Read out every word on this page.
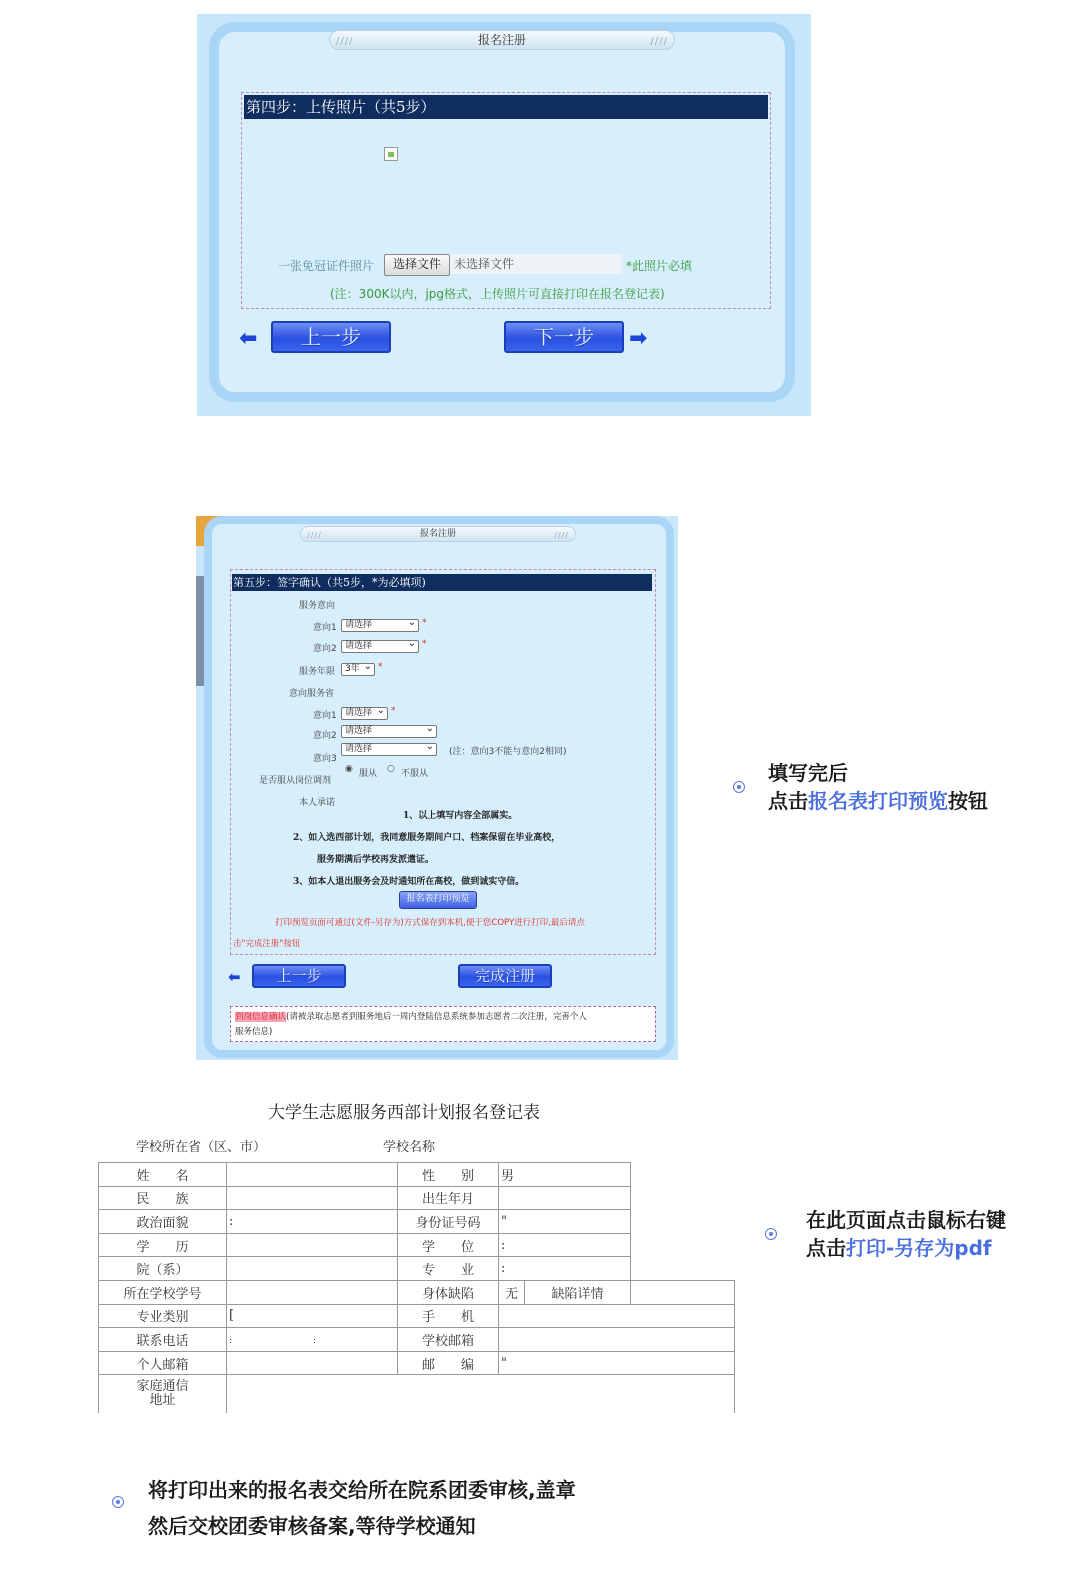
////	报名注册	////
第四步：上传照片（共5步）
一张免冠证件照片	选择文件	未选择文件	*此照片必填
(注：300K以内，jpg格式，上传照片可直接打印在报名登记表)
⬅	上一步	下一步	➡
////	报名注册	////
第五步：签字确认（共5步，*为必填项)
服务意向
意向1 请选择 ⌄	*
意向2 请选择 ⌄	*
服务年限	3年 ⌄	*
意向服务省
意向1 请选择 ⌄	*
意向2 请选择 ⌄
请选择 ⌄
意向3
(注：意向3不能与意向2相同)
是否服从岗位调剂
◉ 服从 ○ 不服从
本人承诺
1、以上填写内容全部属实。
2、如入选西部计划，我同意服务期间户口、档案保留在毕业高校，
服务期满后学校再发派遣证。
3、如本人退出服务会及时通知所在高校，做到诚实守信。
报名表打印预览
打印预览页面可通过(文件-另存为)方式保存到本机,便于您COPY进行打印,最后请点
击"完成注册"按钮
⬅	上一步	完成注册
到岗信息确认(请被录取志愿者到服务地后一周内登陆信息系统参加志愿者二次注册，完善个人
服务信息)
大学生志愿服务西部计划报名登记表
学校所在省（区、市）	学校名称
姓　　名		性　　别	男		
民　　族		出生年月			
政治面貌	:	身份证号码	"		
学　　历		学　　位	:		
院（系）		专　　业	:		
所在学校学号		身体缺陷	无	缺陷详情	
专业类别	[	手　　机			
联系电话	:　　　　　　　　　:	学校邮箱			
个人邮箱		邮　　编	"		
家庭通信
地址					
填写完后
点击报名表打印预览按钮
在此页面点击鼠标右键
点击打印-另存为pdf
将打印出来的报名表交给所在院系团委审核,盖章
然后交校团委审核备案,等待学校通知
